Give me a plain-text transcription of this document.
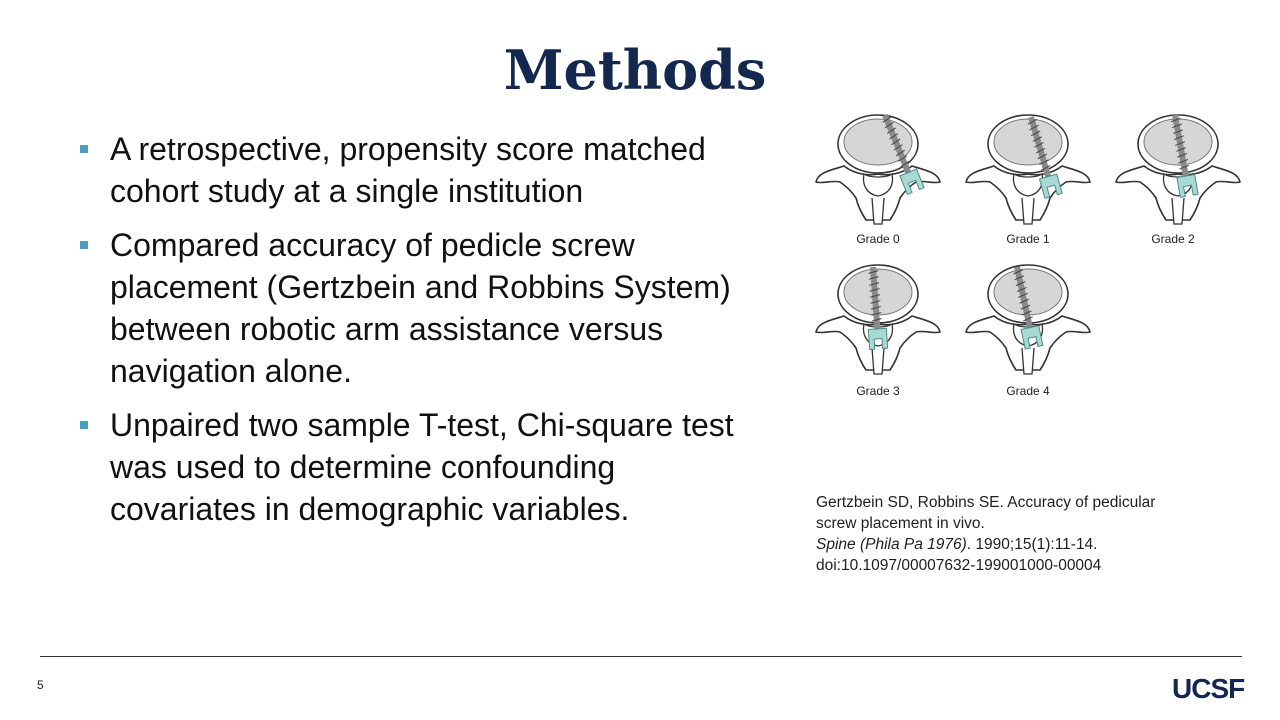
Methods
A retrospective, propensity score matched cohort study at a single institution
Compared accuracy of pedicle screw placement (Gertzbein and Robbins System) between robotic arm assistance versus navigation alone.
Unpaired two sample T-test, Chi-square test was used to determine confounding covariates in demographic variables.
Grade 0	Grade 1	Grade 2
Grade 3	Grade 4
Gertzbein SD, Robbins SE. Accuracy of pedicular
screw placement in vivo.
Spine (Phila Pa 1976). 1990;15(1):11-14.
doi:10.1097/00007632-199001000-00004
5	UCSF
